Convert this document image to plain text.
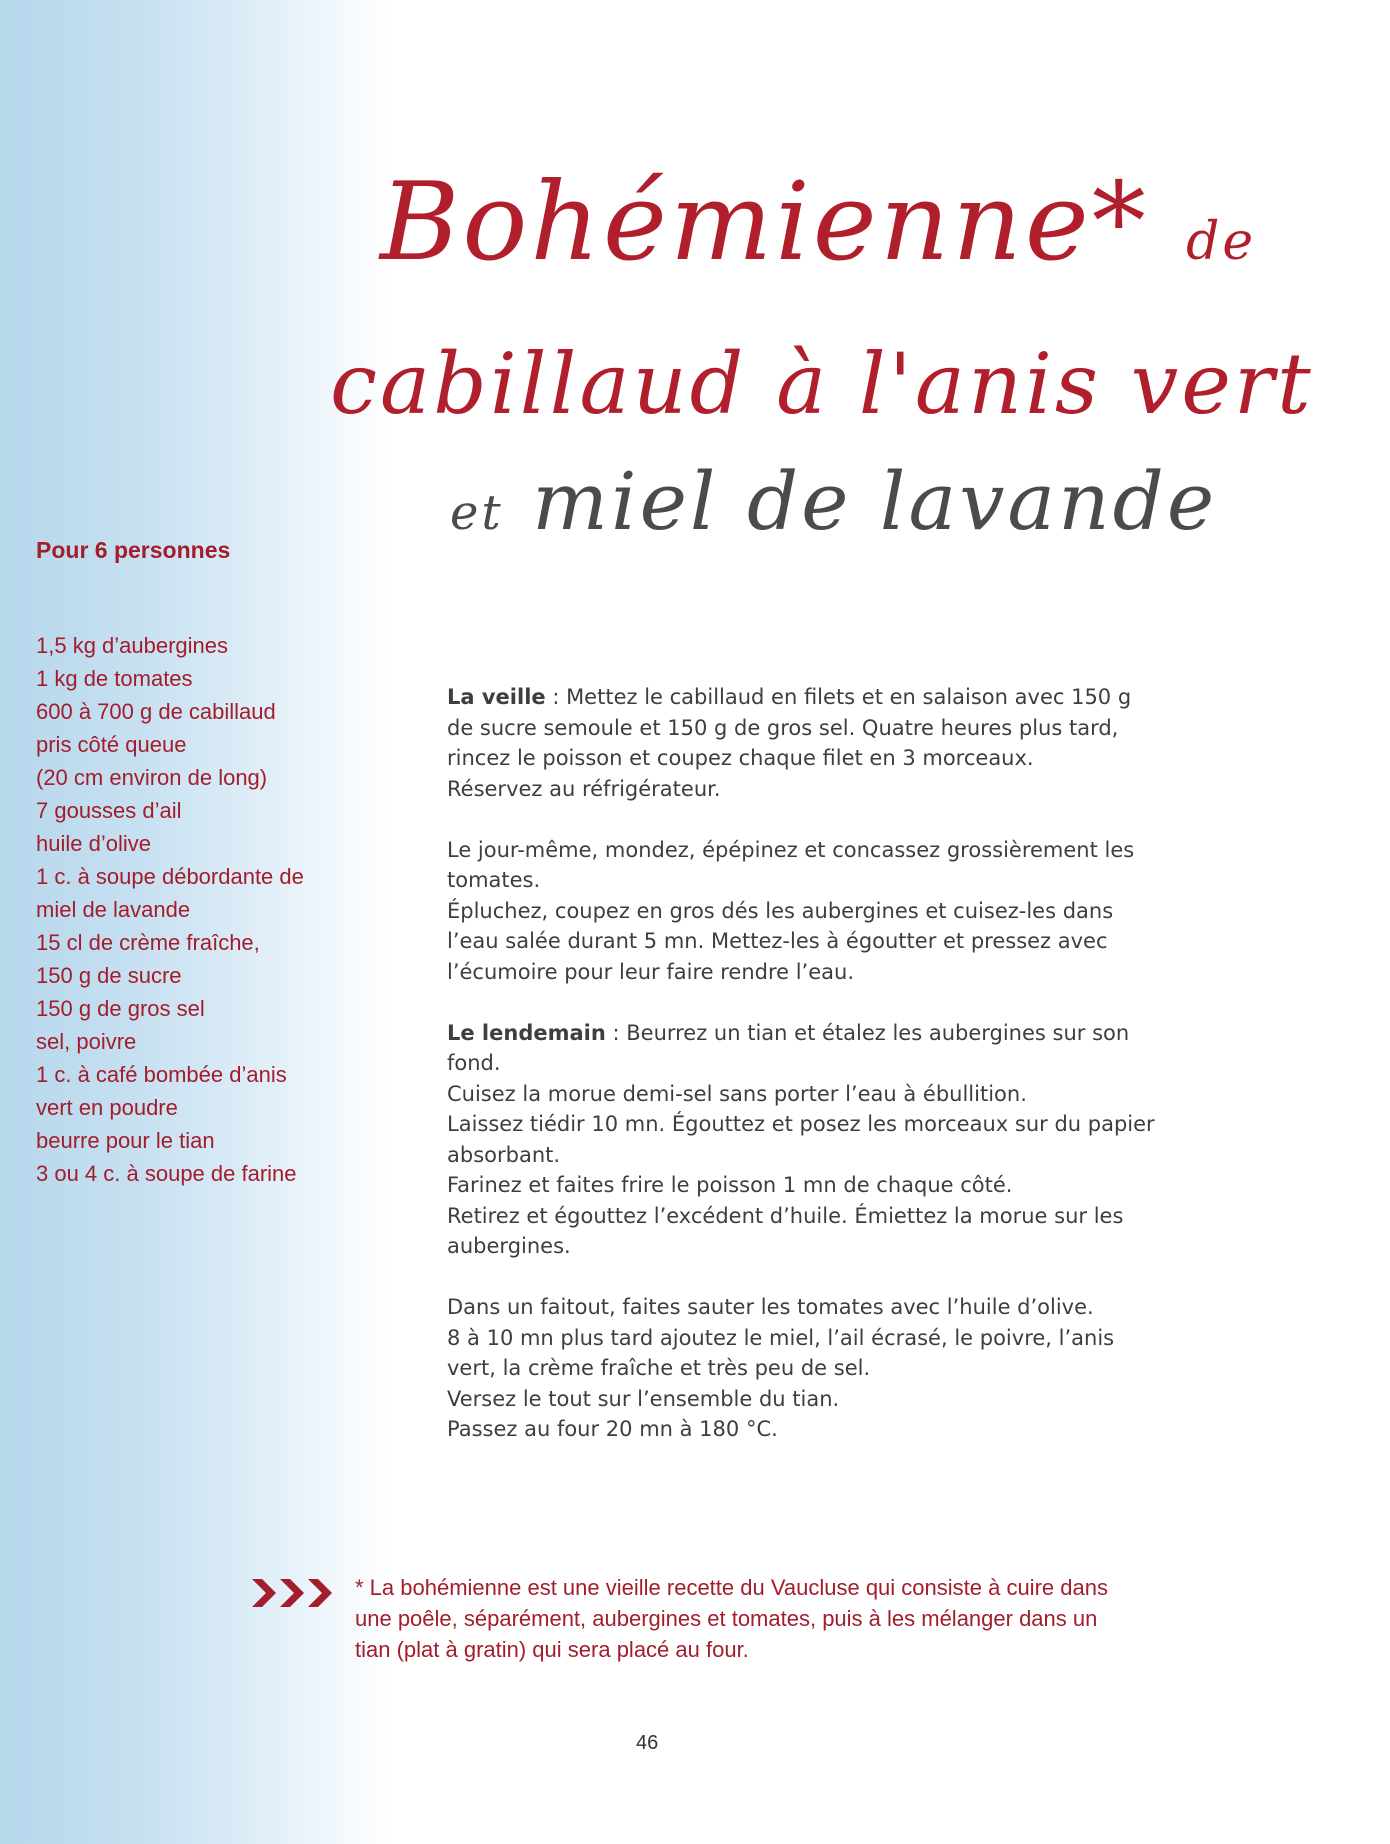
Bohémienne* de
cabillaud à l'anis vert
et miel de lavande
Pour 6 personnes
1,5 kg d’aubergines
1 kg de tomates
600 à 700 g de cabillaud
pris côté queue
(20 cm environ de long)
7 gousses d’ail
huile d’olive
1 c. à soupe débordante de
miel de lavande
15 cl de crème fraîche,
150 g de sucre
150 g de gros sel
sel, poivre
1 c. à café bombée d’anis
vert en poudre
beurre pour le tian
3 ou 4 c. à soupe de farine

La veille : Mettez le cabillaud en filets et en salaison avec 150 g
de sucre semoule et 150 g de gros sel. Quatre heures plus tard,
rincez le poisson et coupez chaque filet en 3 morceaux.
Réservez au réfrigérateur.

Le jour-même, mondez, épépinez et concassez grossièrement les
tomates.
Épluchez, coupez en gros dés les aubergines et cuisez-les dans
l’eau salée durant 5 mn. Mettez-les à égoutter et pressez avec
l’écumoire pour leur faire rendre l’eau.

Le lendemain : Beurrez un tian et étalez les aubergines sur son
fond.
Cuisez la morue demi-sel sans porter l’eau à ébullition.
Laissez tiédir 10 mn. Égouttez et posez les morceaux sur du papier
absorbant.
Farinez et faites frire le poisson 1 mn de chaque côté.
Retirez et égouttez l’excédent d’huile. Émiettez la morue sur les
aubergines.

Dans un faitout, faites sauter les tomates avec l’huile d’olive.
8 à 10 mn plus tard ajoutez le miel, l’ail écrasé, le poivre, l’anis
vert, la crème fraîche et très peu de sel.
Versez le tout sur l’ensemble du tian.
Passez au four 20 mn à 180 °C.

* La bohémienne est une vieille recette du Vaucluse qui consiste à cuire dans
une poêle, séparément, aubergines et tomates, puis à les mélanger dans un
tian (plat à gratin) qui sera placé au four.
46
